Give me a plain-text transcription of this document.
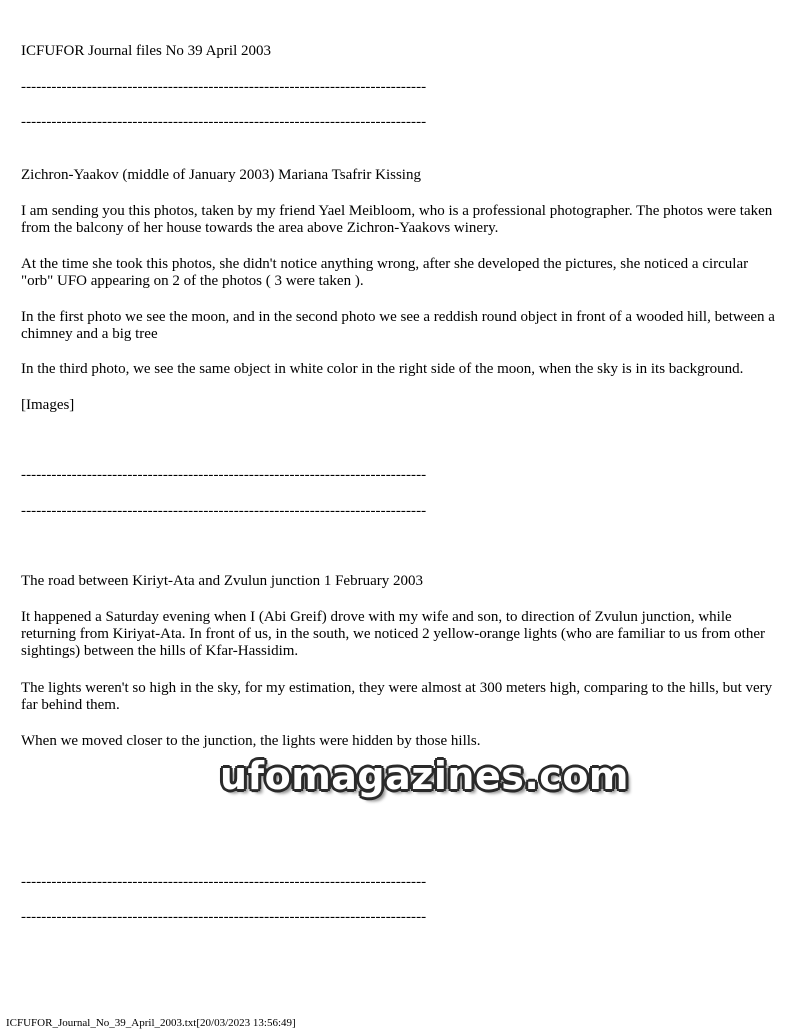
ICFUFOR Journal files No 39 April 2003

--------------------------------------------------------------------------------

--------------------------------------------------------------------------------

Zichron-Yaakov (middle of January 2003) Mariana Tsafrir Kissing

I am sending you this photos, taken by my friend Yael Meibloom, who is a professional photographer. The photos were taken from the balcony of her house towards the area above Zichron-Yaakovs winery.

At the time she took this photos, she didn't notice anything wrong, after she developed the pictures, she noticed a circular "orb" UFO appearing on 2 of the photos ( 3 were taken ).

In the first photo we see the moon, and in the second photo we see a reddish round object in front of a wooded hill, between a chimney and a big tree

In the third photo, we see the same object in white color in the right side of the moon, when the sky is in its background.

[Images]

--------------------------------------------------------------------------------

--------------------------------------------------------------------------------

The road between Kiriyt-Ata and Zvulun junction 1 February 2003

It happened a Saturday evening when I (Abi Greif) drove with my wife and son, to direction of Zvulun junction, while returning from Kiriyat-Ata. In front of us, in the south, we noticed 2 yellow-orange lights (who are familiar to us from other sightings) between the hills of Kfar-Hassidim.

The lights weren't so high in the sky, for my estimation, they were almost at 300 meters high, comparing to the hills, but very far behind them.

When we moved closer to the junction, the lights were hidden by those hills.

--------------------------------------------------------------------------------

--------------------------------------------------------------------------------

ufomagazines.com
ICFUFOR_Journal_No_39_April_2003.txt[20/03/2023 13:56:49]
